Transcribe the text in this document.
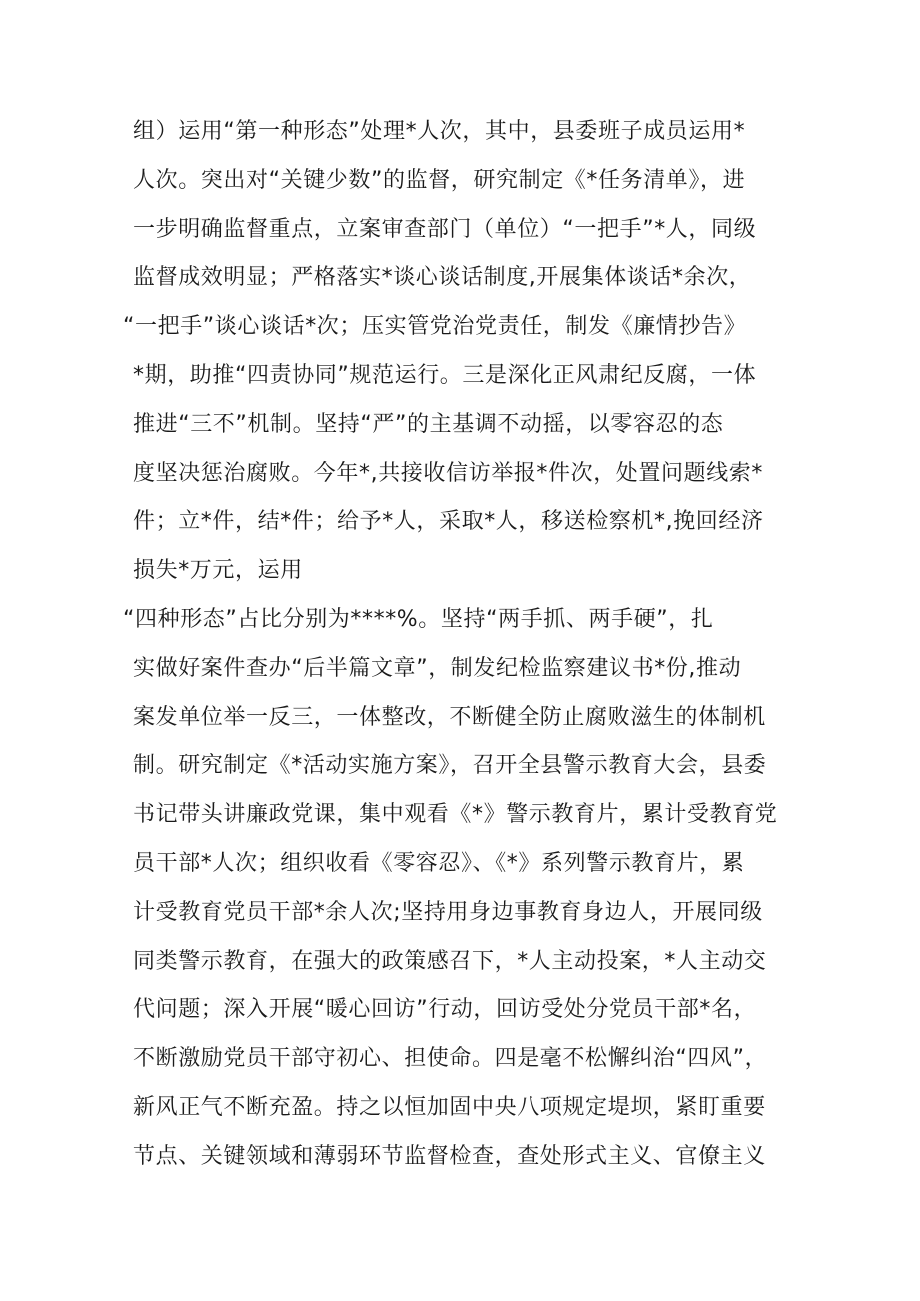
组）运用“第一种形态”处理*人次，其中，县委班子成员运用*
人次。突出对“关键少数”的监督，研究制定《*任务清单》，进
一步明确监督重点，立案审查部门（单位）“一把手”*人，同级
监督成效明显；严格落实*谈心谈话制度,开展集体谈话*余次，
“一把手”谈心谈话*次；压实管党治党责任，制发《廉情抄告》
*期，助推“四责协同”规范运行。三是深化正风肃纪反腐，一体
推进“三不”机制。坚持“严”的主基调不动摇，以零容忍的态
度坚决惩治腐败。今年*,共接收信访举报*件次，处置问题线索*
件；立*件，结*件；给予*人，采取*人，移送检察机*,挽回经济
损失*万元，运用
“四种形态”占比分别为****%。坚持“两手抓、两手硬”，扎
实做好案件查办“后半篇文章”，制发纪检监察建议书*份,推动
案发单位举一反三，一体整改，不断健全防止腐败滋生的体制机
制。研究制定《*活动实施方案》，召开全县警示教育大会，县委
书记带头讲廉政党课，集中观看《*》警示教育片，累计受教育党
员干部*人次；组织收看《零容忍》、《*》系列警示教育片，累
计受教育党员干部*余人次;坚持用身边事教育身边人，开展同级
同类警示教育，在强大的政策感召下，*人主动投案，*人主动交
代问题；深入开展“暖心回访”行动，回访受处分党员干部*名，
不断激励党员干部守初心、担使命。四是毫不松懈纠治“四风”，
新风正气不断充盈。持之以恒加固中央八项规定堤坝，紧盯重要
节点、关键领域和薄弱环节监督检查，查处形式主义、官僚主义
